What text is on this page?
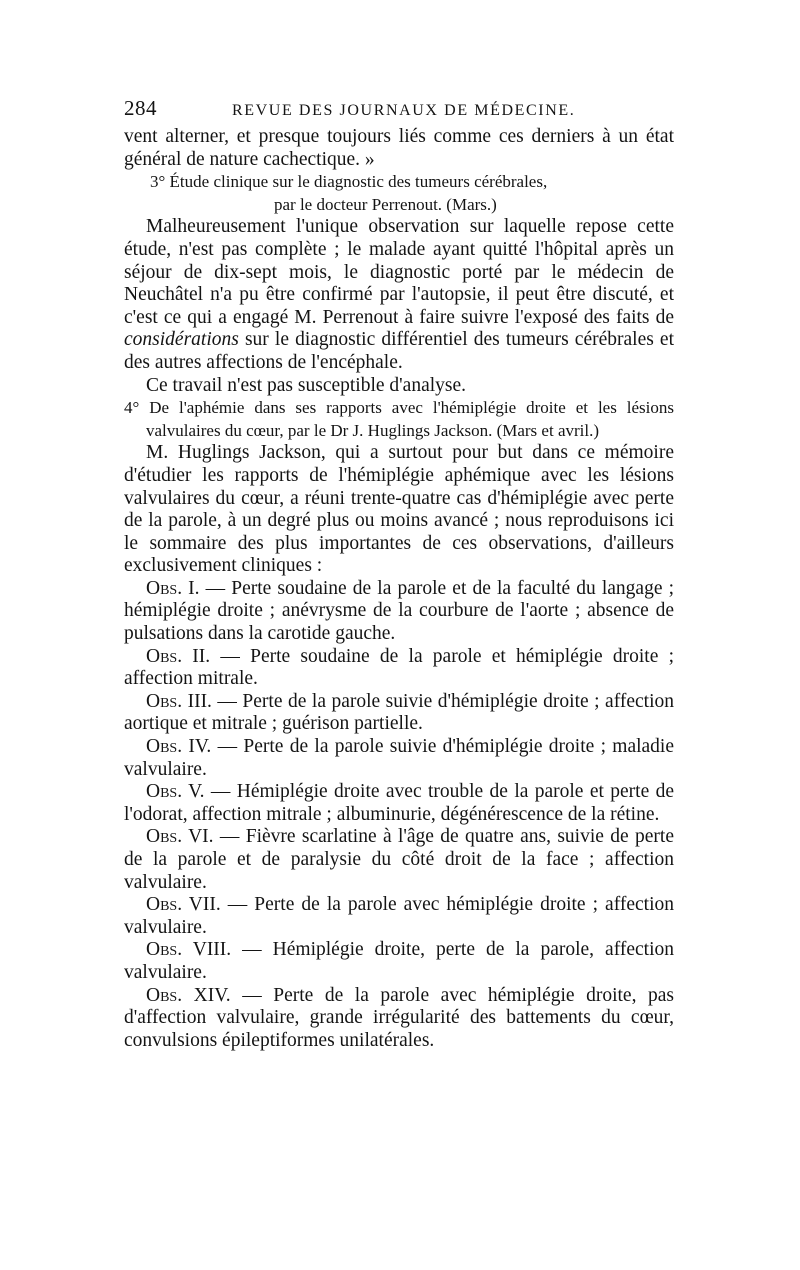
284	REVUE DES JOURNAUX DE MÉDECINE.

vent alterner, et presque toujours liés comme ces derniers à un état général de nature cachectique. »

3° Étude clinique sur le diagnostic des tumeurs cérébrales,
par le docteur Perrenout. (Mars.)

Malheureusement l'unique observation sur laquelle repose cette étude, n'est pas complète ; le malade ayant quitté l'hôpital après un séjour de dix-sept mois, le diagnostic porté par le médecin de Neuchâtel n'a pu être confirmé par l'autopsie, il peut être discuté, et c'est ce qui a engagé M. Perrenout à faire suivre l'exposé des faits de considérations sur le diagnostic différentiel des tumeurs cérébrales et des autres affections de l'encéphale.

Ce travail n'est pas susceptible d'analyse.

4° De l'aphémie dans ses rapports avec l'hémiplégie droite et les lésions valvulaires du cœur, par le Dr J. Huglings Jackson. (Mars et avril.)

M. Huglings Jackson, qui a surtout pour but dans ce mémoire d'étudier les rapports de l'hémiplégie aphémique avec les lésions valvulaires du cœur, a réuni trente-quatre cas d'hémiplégie avec perte de la parole, à un degré plus ou moins avancé ; nous reproduisons ici le sommaire des plus importantes de ces observations, d'ailleurs exclusivement cliniques :

Obs. I. — Perte soudaine de la parole et de la faculté du langage ; hémiplégie droite ; anévrysme de la courbure de l'aorte ; absence de pulsations dans la carotide gauche.

Obs. II. — Perte soudaine de la parole et hémiplégie droite ; affection mitrale.

Obs. III. — Perte de la parole suivie d'hémiplégie droite ; affection aortique et mitrale ; guérison partielle.

Obs. IV. — Perte de la parole suivie d'hémiplégie droite ; maladie valvulaire.

Obs. V. — Hémiplégie droite avec trouble de la parole et perte de l'odorat, affection mitrale ; albuminurie, dégénérescence de la rétine.

Obs. VI. — Fièvre scarlatine à l'âge de quatre ans, suivie de perte de la parole et de paralysie du côté droit de la face ; affection valvulaire.

Obs. VII. — Perte de la parole avec hémiplégie droite ; affection valvulaire.

Obs. VIII. — Hémiplégie droite, perte de la parole, affection valvulaire.

Obs. XIV. — Perte de la parole avec hémiplégie droite, pas d'affection valvulaire, grande irrégularité des battements du cœur, convulsions épileptiformes unilatérales.
